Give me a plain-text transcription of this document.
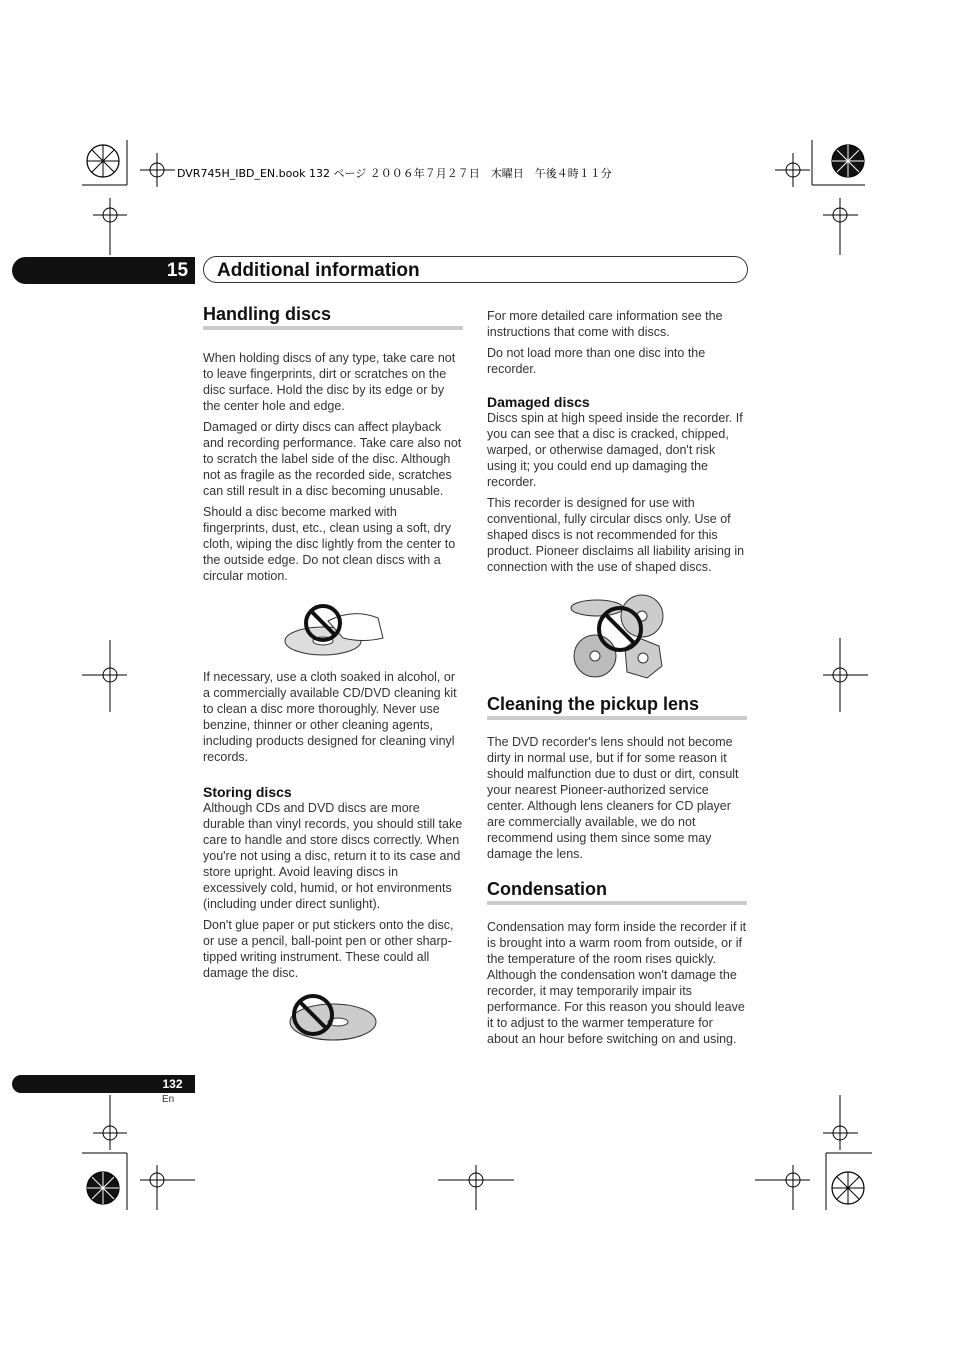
DVR745H_IBD_EN.book 132 ページ ２００６年７月２７日　木曜日　午後４時１１分
15	Additional information
Handling discs

When holding discs of any type, take care not to leave fingerprints, dirt or scratches on the disc surface. Hold the disc by its edge or by the center hole and edge.

Damaged or dirty discs can affect playback and recording performance. Take care also not to scratch the label side of the disc. Although not as fragile as the recorded side, scratches can still result in a disc becoming unusable.

Should a disc become marked with fingerprints, dust, etc., clean using a soft, dry cloth, wiping the disc lightly from the center to the outside edge. Do not clean discs with a circular motion.

If necessary, use a cloth soaked in alcohol, or a commercially available CD/DVD cleaning kit to clean a disc more thoroughly. Never use benzine, thinner or other cleaning agents, including products designed for cleaning vinyl records.

Storing discs

Although CDs and DVD discs are more durable than vinyl records, you should still take care to handle and store discs correctly. When you're not using a disc, return it to its case and store upright. Avoid leaving discs in excessively cold, humid, or hot environments (including under direct sunlight).

Don't glue paper or put stickers onto the disc, or use a pencil, ball-point pen or other sharp-tipped writing instrument. These could all damage the disc.

For more detailed care information see the instructions that come with discs.

Do not load more than one disc into the recorder.

Damaged discs

Discs spin at high speed inside the recorder. If you can see that a disc is cracked, chipped, warped, or otherwise damaged, don't risk using it; you could end up damaging the recorder.

This recorder is designed for use with conventional, fully circular discs only. Use of shaped discs is not recommended for this product. Pioneer disclaims all liability arising in connection with the use of shaped discs.

Cleaning the pickup lens

The DVD recorder's lens should not become dirty in normal use, but if for some reason it should malfunction due to dust or dirt, consult your nearest Pioneer-authorized service center. Although lens cleaners for CD player are commercially available, we do not recommend using them since some may damage the lens.

Condensation

Condensation may form inside the recorder if it is brought into a warm room from outside, or if the temperature of the room rises quickly. Although the condensation won't damage the recorder, it may temporarily impair its performance. For this reason you should leave it to adjust to the warmer temperature for about an hour before switching on and using.

132
En
